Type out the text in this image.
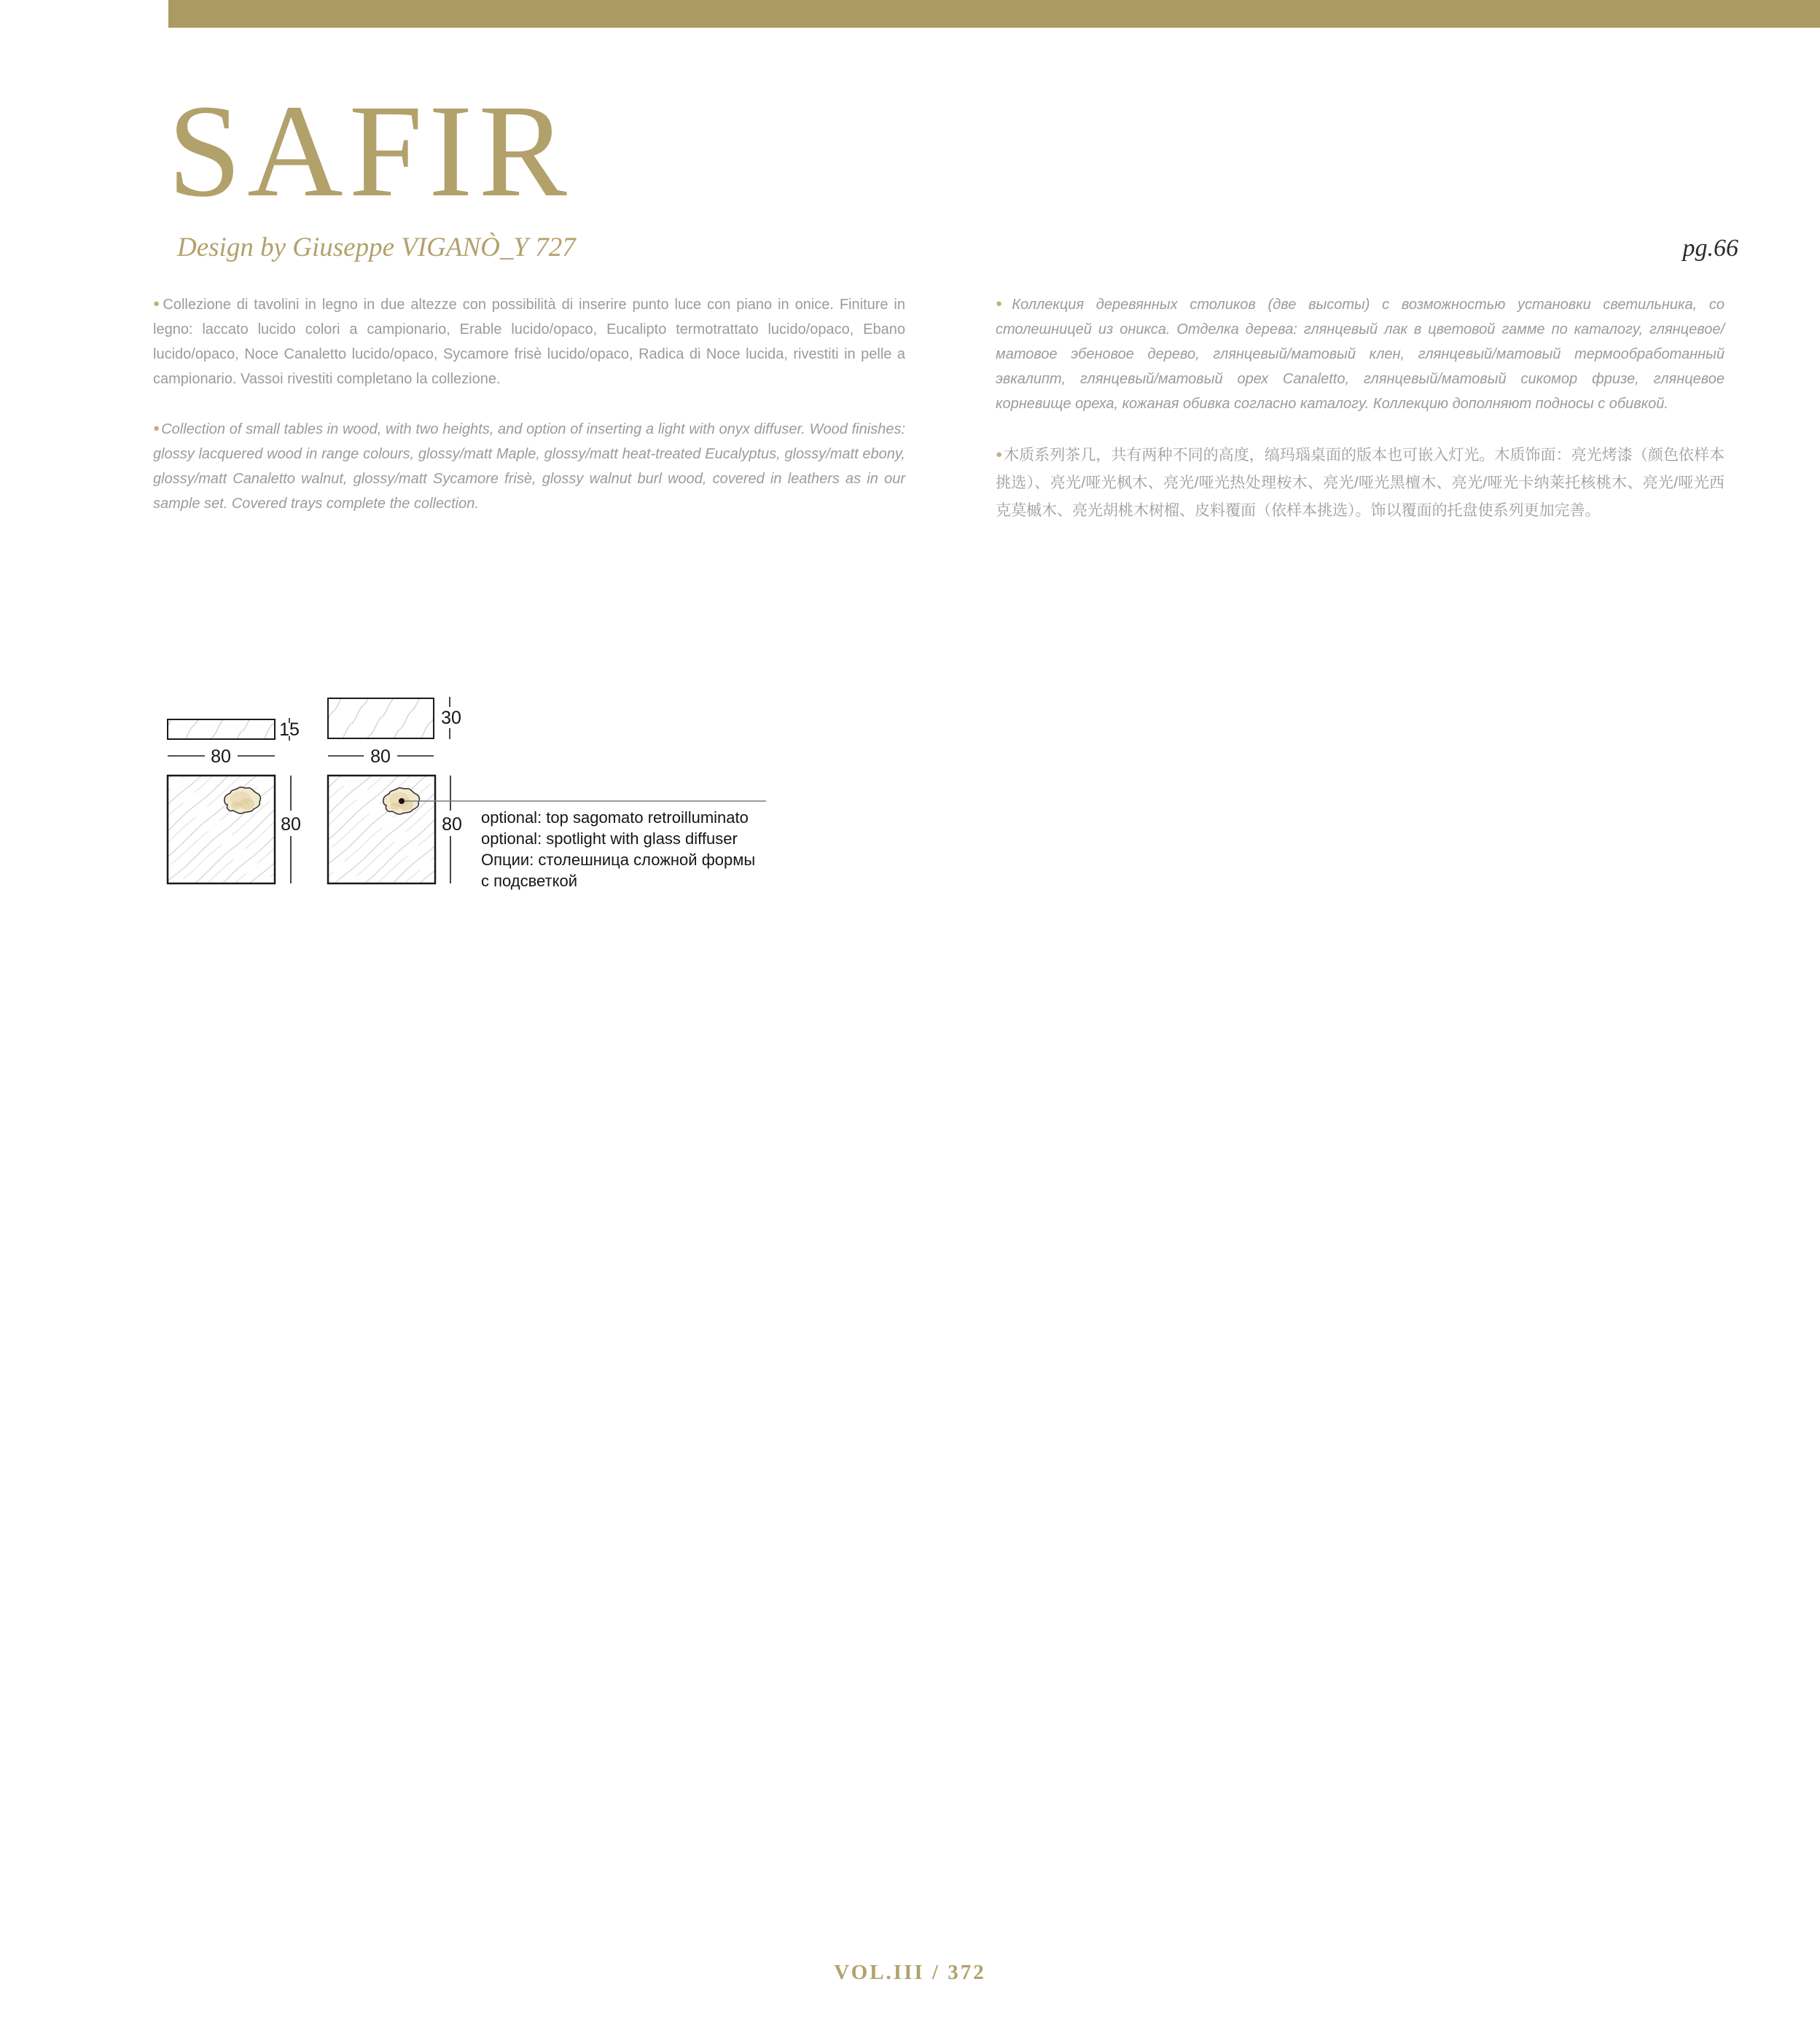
SAFIR
Design by Giuseppe VIGANÒ_Y 727	pg.66

● Collezione di tavolini in legno in due altezze con possibilità di inserire punto luce con piano in onice. Finiture in legno: laccato lucido colori a campionario, Erable lucido/opaco, Eucalipto termotrattato lucido/opaco, Ebano lucido/opaco, Noce Canaletto lucido/opaco, Sycamore frisè lucido/opaco, Radica di Noce lucida, rivestiti in pelle a campionario. Vassoi rivestiti completano la collezione.

● Collection of small tables in wood, with two heights, and option of inserting a light with onyx diffuser. Wood finishes: glossy lacquered wood in range colours, glossy/matt Maple, glossy/matt heat-treated Eucalyptus, glossy/matt ebony, glossy/matt Canaletto walnut, glossy/matt Sycamore frisè, glossy walnut burl wood, covered in leathers as in our sample set. Covered trays complete the collection.

● Коллекция деревянных столиков (две высоты) с возможностью установки светильника, со столешницей из оникса. Отделка дерева: глянцевый лак в цветовой гамме по каталогу, глянцевое/матовое эбеновое дерево, глянцевый/матовый клен, глянцевый/матовый термообработанный эвкалипт, глянцевый/матовый орех Canaletto, глянцевый/матовый сикомор фризе, глянцевое корневище ореха, кожаная обивка согласно каталогу. Коллекцию дополняют подносы с обивкой.

●木质系列茶几，共有两种不同的高度，缟玛瑙桌面的版本也可嵌入灯光。木质饰面：亮光烤漆（颜色依样本挑选）、亮光/哑光枫木、亮光/哑光热处理桉木、亮光/哑光黑檀木、亮光/哑光卡纳莱托核桃木、亮光/哑光西克莫槭木、亮光胡桃木树榴、皮料覆面（依样本挑选）。饰以覆面的托盘使系列更加完善。

15
30
80	80
80	80 optional: top sagomato retroilluminato
optional: spotlight with glass diffuser
Опции: столешница сложной формы
с подсветкой
VOL.III / 372
